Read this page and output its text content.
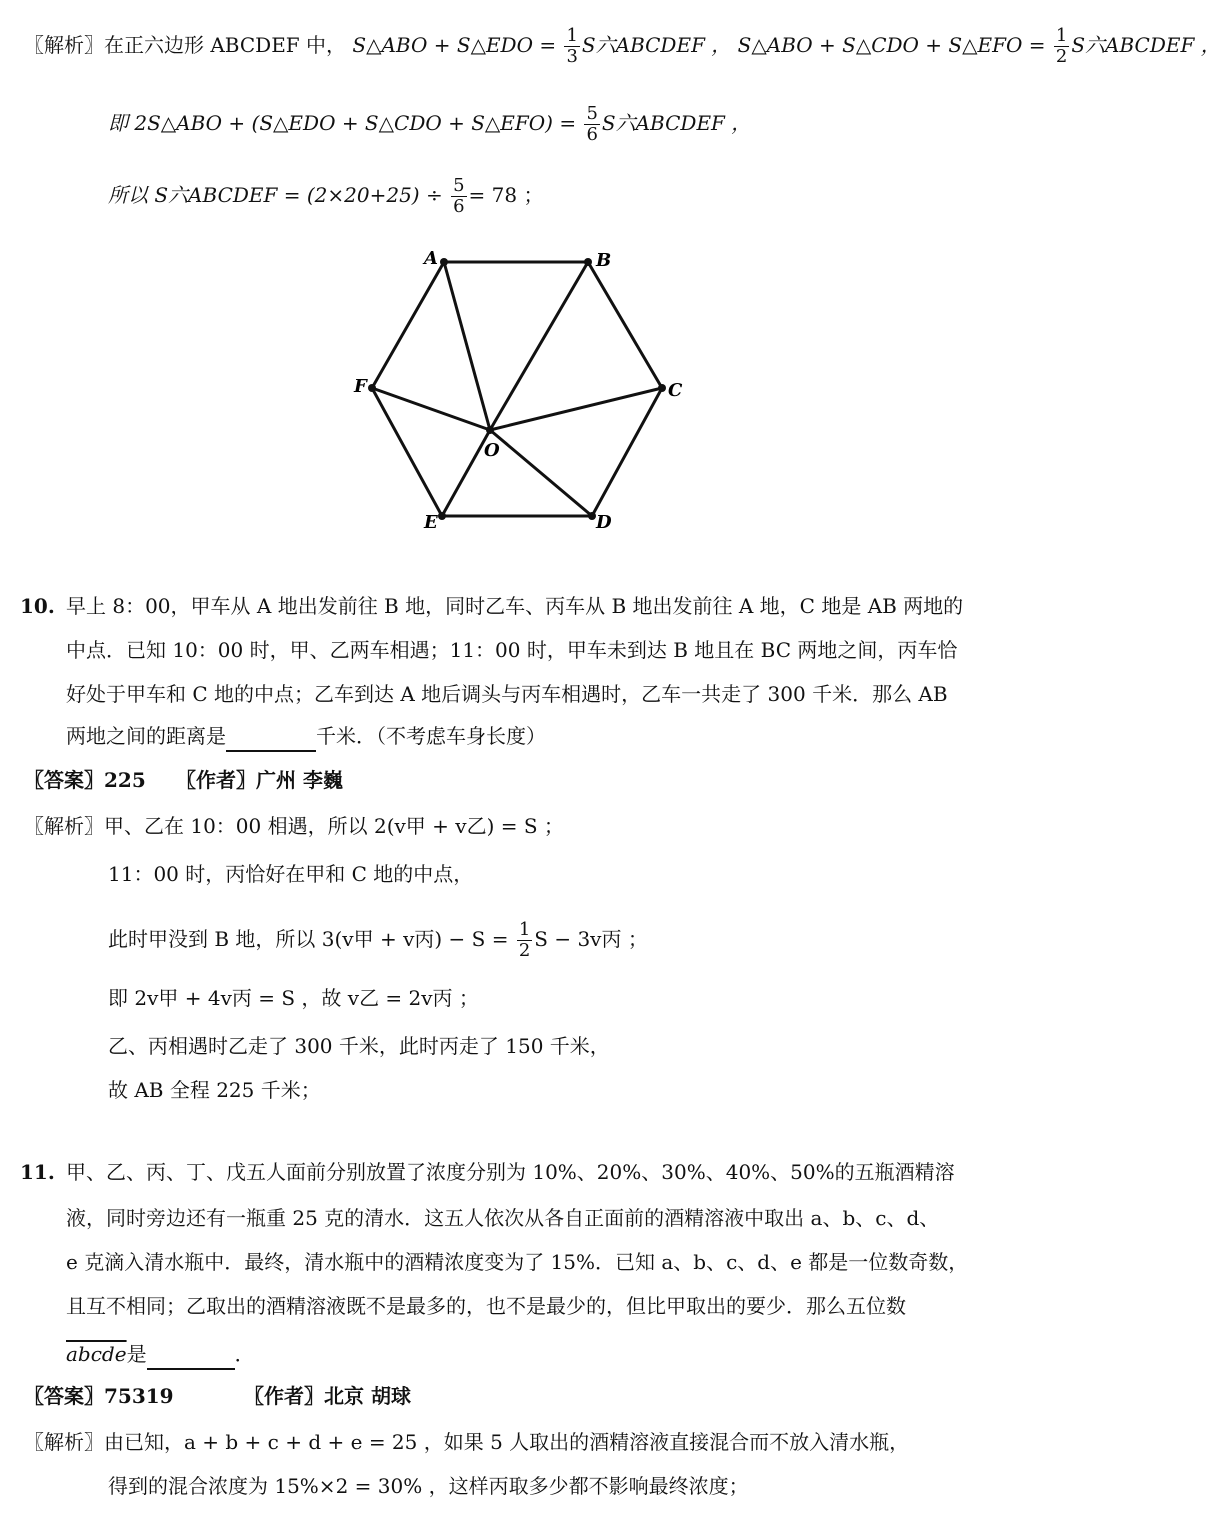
〖解析〗在正六边形 ABCDEF 中， S△ABO + S△EDO = $\frac{1}{3}$ S六ABCDEF ， S△ABO + S△CDO + S△EFO = $\frac{1}{2}$ S六ABCDEF ，
即 2S△ABO + (S△EDO + S△CDO + S△EFO) = $\frac{5}{6}$ S六ABCDEF ，
所以 S六ABCDEF = $(2\times 20+25) \div \frac{5}{6} = 78$ ；
A	B
C
D
E
F
O
10. 早上 8：00，甲车从 A 地出发前往 B 地，同时乙车、丙车从 B 地出发前往 A 地，C 地是 AB 两地的
中点．已知 10：00 时，甲、乙两车相遇；11：00 时，甲车未到达 B 地且在 BC 两地之间，丙车恰
好处于甲车和 C 地的中点；乙车到达 A 地后调头与丙车相遇时，乙车一共走了 300 千米．那么 AB
两地之间的距离是	千米．（不考虑车身长度）
〖答案〗225 〖作者〗广州 李巍
〖解析〗甲、乙在 10：00 相遇，所以 2(v甲 + v乙) = S ；
11：00 时，丙恰好在甲和 C 地的中点，
此时甲没到 B 地，所以 3(v甲 + v丙) − $S = \frac{1}{2}$ S − 3v丙 ；
即 2v甲 + 4v丙 = S ，故 v乙 = 2v丙 ；
乙、丙相遇时乙走了 300 千米，此时丙走了 150 千米，
故 AB 全程 225 千米；
11. 甲、乙、丙、丁、戊五人面前分别放置了浓度分别为 10%、20%、30%、40%、50%的五瓶酒精溶
液，同时旁边还有一瓶重 25 克的清水．这五人依次从各自正面前的酒精溶液中取出 a、b、c、d、
e 克滴入清水瓶中．最终，清水瓶中的酒精浓度变为了 15%．已知 a、b、c、d、e 都是一位数奇数，
且互不相同；乙取出的酒精溶液既不是最多的，也不是最少的，但比甲取出的要少．那么五位数
abcde是	．
〖答案〗75319	〖作者〗北京 胡球
〖解析〗由已知，a + b + c + d + e = 25 ，如果 5 人取出的酒精溶液直接混合而不放入清水瓶，
得到的混合浓度为 15%×2 = 30% ，这样丙取多少都不影响最终浓度；
